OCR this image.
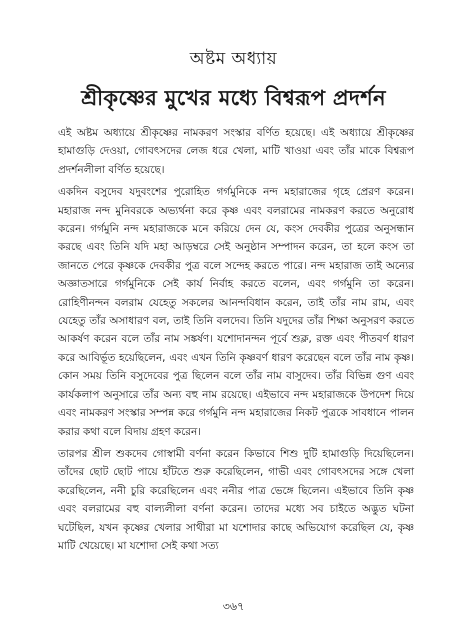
অষ্টম অধ্যায়
শ্রীকৃষ্ণের মুখের মধ্যে বিশ্বরূপ প্রদর্শন

এই অষ্টম অধ্যায়ে শ্রীকৃষ্ণের নামকরণ সংস্কার বর্ণিত হয়েছে। এই অধ্যায়ে শ্রীকৃষ্ণের হামাগুড়ি দেওয়া, গোবৎসদের লেজ ধরে খেলা, মাটি খাওয়া এবং তাঁর মাকে বিশ্বরূপ প্রদর্শনলীলা বর্ণিত হয়েছে।

একদিন বসুদেব যদুবংশের পুরোহিত গর্গমুনিকে নন্দ মহারাজের গৃহে প্রেরণ করেন। মহারাজ নন্দ মুনিবরকে অভ্যর্থনা করে কৃষ্ণ এবং বলরামের নামকরণ করতে অনুরোধ করেন। গর্গমুনি নন্দ মহারাজকে মনে করিয়ে দেন যে, কংস দেবকীর পুত্রের অনুসন্ধান করছে এবং তিনি যদি মহা আড়ম্বরে সেই অনুষ্ঠান সম্পাদন করেন, তা হলে কংস তা জানতে পেরে কৃষ্ণকে দেবকীর পুত্র বলে সন্দেহ করতে পারে। নন্দ মহারাজ তাই অন্যের অজ্ঞাতসারে গর্গমুনিকে সেই কার্য নির্বাহ করতে বলেন, এবং গর্গমুনি তা করেন। রোহিণীনন্দন বলরাম যেহেতু সকলের আনন্দবিধান করেন, তাই তাঁর নাম রাম, এবং যেহেতু তাঁর অসাধারণ বল, তাই তিনি বলদেব। তিনি যদুদের তাঁর শিক্ষা অনুসরণ করতে আকর্ষণ করেন বলে তাঁর নাম সঙ্কর্ষণ। যশোদানন্দন পূর্বে শুক্ল, রক্ত এবং পীতবর্ণ ধারণ করে আবির্ভূত হয়েছিলেন, এবং এখন তিনি কৃষ্ণবর্ণ ধারণ করেছেন বলে তাঁর নাম কৃষ্ণ। কোন সময় তিনি বসুদেবের পুত্র ছিলেন বলে তাঁর নাম বাসুদেব। তাঁর বিভিন্ন গুণ এবং কার্যকলাপ অনুসারে তাঁর অন্য বহু নাম রয়েছে। এইভাবে নন্দ মহারাজকে উপদেশ দিয়ে এবং নামকরণ সংস্কার সম্পন্ন করে গর্গমুনি নন্দ মহারাজের নিকট পুত্রকে সাবধানে পালন করার কথা বলে বিদায় গ্রহণ করেন।

তারপর শ্রীল শুকদেব গোস্বামী বর্ণনা করেন কিভাবে শিশু দুটি হামাগুড়ি দিয়েছিলেন। তাঁদের ছোট ছোট পায়ে হাঁটতে শুরু করেছিলেন, গাভী এবং গোবৎসদের সঙ্গে খেলা করেছিলেন, ননী চুরি করেছিলেন এবং ননীর পাত্র ভেঙ্গে ছিলেন। এইভাবে তিনি কৃষ্ণ এবং বলরামের বহু বাল্যলীলা বর্ণনা করেন। তাদের মধ্যে সব চাইতে অদ্ভুত ঘটনা ঘটেছিল, যখন কৃষ্ণের খেলার সাথীরা মা যশোদার কাছে অভিযোগ করেছিল যে, কৃষ্ণ মাটি খেয়েছে। মা যশোদা সেই কথা সত্য

৩৬৭
